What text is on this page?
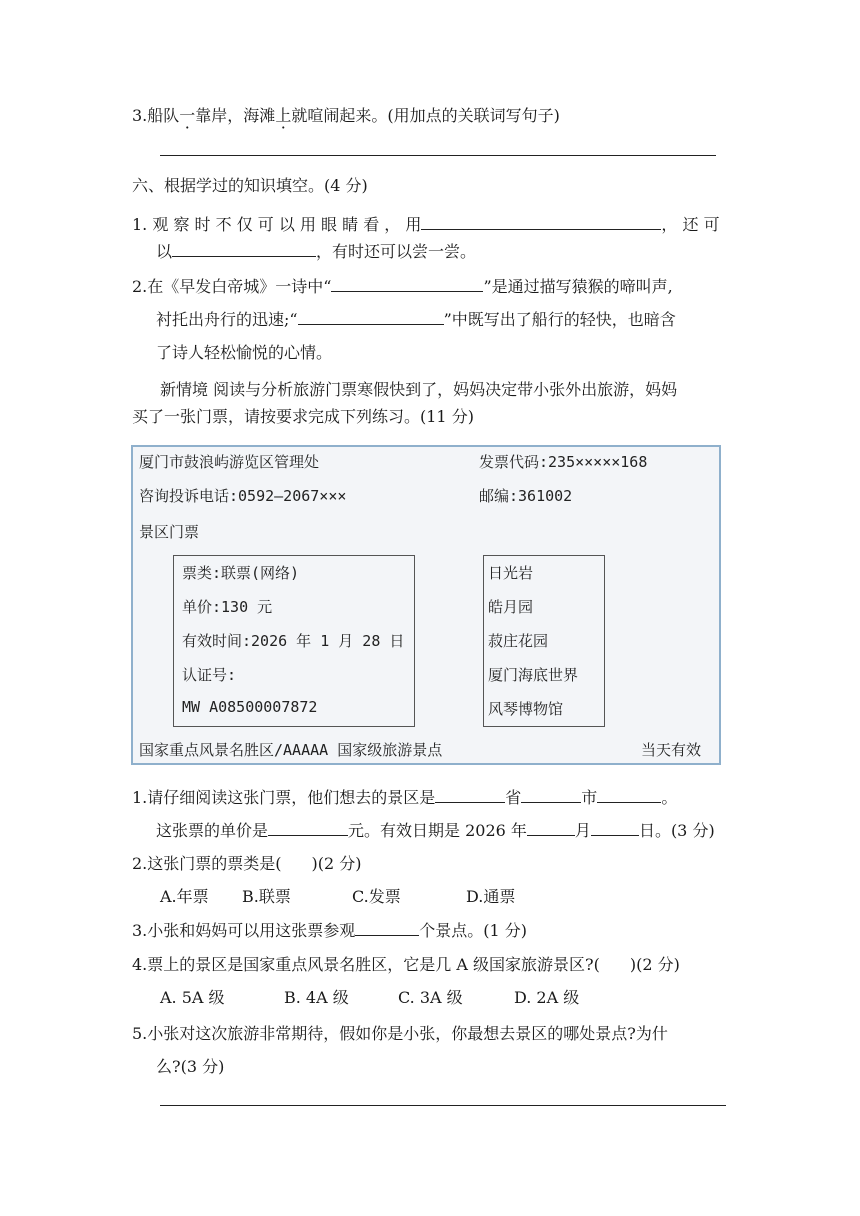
3.船队一靠岸，海滩上就喧闹起来。(用加点的关联词写句子)
六、根据学过的知识填空。(4 分)
1. 观 察 时 不 仅 可 以 用 眼 睛 看 ， 用	， 还 可
以	，有时还可以尝一尝。
2.在《早发白帝城》一诗中“	”是通过描写猿猴的啼叫声,
衬托出舟行的迅速;“	”中既写出了船行的轻快，也暗含
了诗人轻松愉悦的心情。
新情境 阅读与分析旅游门票寒假快到了，妈妈决定带小张外出旅游，妈妈
买了一张门票，请按要求完成下列练习。(11 分)
厦门市鼓浪屿游览区管理处	发票代码:235×××××168
咨询投诉电话:0592—2067×××	邮编:361002
景区门票
票类:联票(网络)
单价:130 元
有效时间:2026 年 1 月 28 日
认证号:
MW A08500007872
日光岩
皓月园
菽庄花园
厦门海底世界
风琴博物馆
国家重点风景名胜区/AAAAA 国家级旅游景点	当天有效
1.请仔细阅读这张门票，他们想去的景区是	省	市	。
这张票的单价是	元。有效日期是 2026 年	月	日。(3 分)
2.这张门票的票类是( )(2 分)
A.年票 B.联票	C.发票	D.通票
3.小张和妈妈可以用这张票参观	个景点。(1 分)
4.票上的景区是国家重点风景名胜区，它是几 A 级国家旅游景区?( )(2 分)
A. 5A 级	B. 4A 级	C. 3A 级	D. 2A 级
5.小张对这次旅游非常期待，假如你是小张，你最想去景区的哪处景点?为什
么?(3 分)
